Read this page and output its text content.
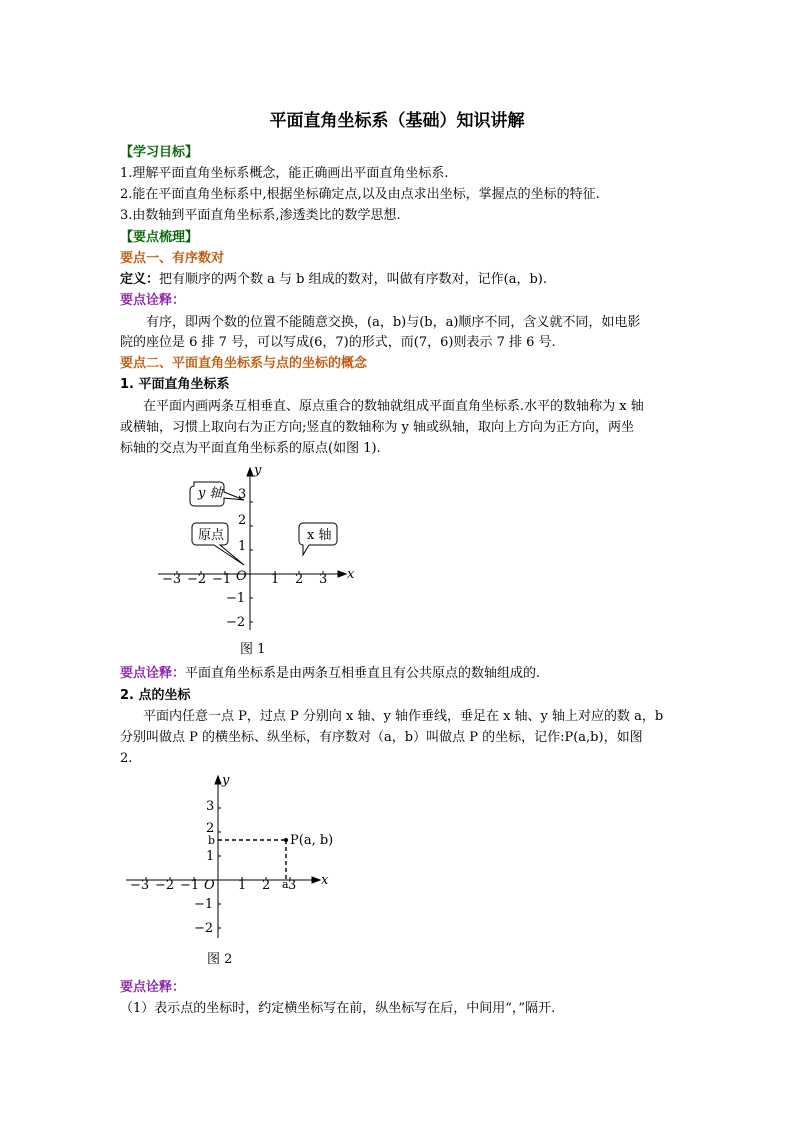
平面直角坐标系（基础）知识讲解
【学习目标】
1.理解平面直角坐标系概念，能正确画出平面直角坐标系.
2.能在平面直角坐标系中,根据坐标确定点,以及由点求出坐标，掌握点的坐标的特征.
3.由数轴到平面直角坐标系,渗透类比的数学思想.
【要点梳理】
要点一、有序数对
定义：把有顺序的两个数 a 与 b 组成的数对，叫做有序数对，记作(a，b).
要点诠释：
有序，即两个数的位置不能随意交换，(a，b)与(b，a)顺序不同，含义就不同，如电影
院的座位是 6 排 7 号，可以写成(6，7)的形式，而(7，6)则表示 7 排 6 号.
要点二、平面直角坐标系与点的坐标的概念
1. 平面直角坐标系
在平面内画两条互相垂直、原点重合的数轴就组成平面直角坐标系.水平的数轴称为 x 轴
或横轴，习惯上取向右为正方向;竖直的数轴称为 y 轴或纵轴，取向上方向为正方向，两坐
标轴的交点为平面直角坐标系的原点(如图 1).
y 轴
原点	x 轴
x
y
O
−3 −2 −1	1 2 3
3
2
1
−1
−2
图 1
要点诠释：平面直角坐标系是由两条互相垂直且有公共原点的数轴组成的.
2. 点的坐标
平面内任意一点 P，过点 P 分别向 x 轴、y 轴作垂线，垂足在 x 轴、y 轴上对应的数 a，b
分别叫做点 P 的横坐标、纵坐标，有序数对（a，b）叫做点 P 的坐标，记作:P(a,b)，如图
2.
P(a, b)
a
b
x
y
O
−3 −2 −1	1 2 3
3
2
1
−1
−2
图 2
要点诠释：
（1）表示点的坐标时，约定横坐标写在前，纵坐标写在后，中间用“，”隔开.
